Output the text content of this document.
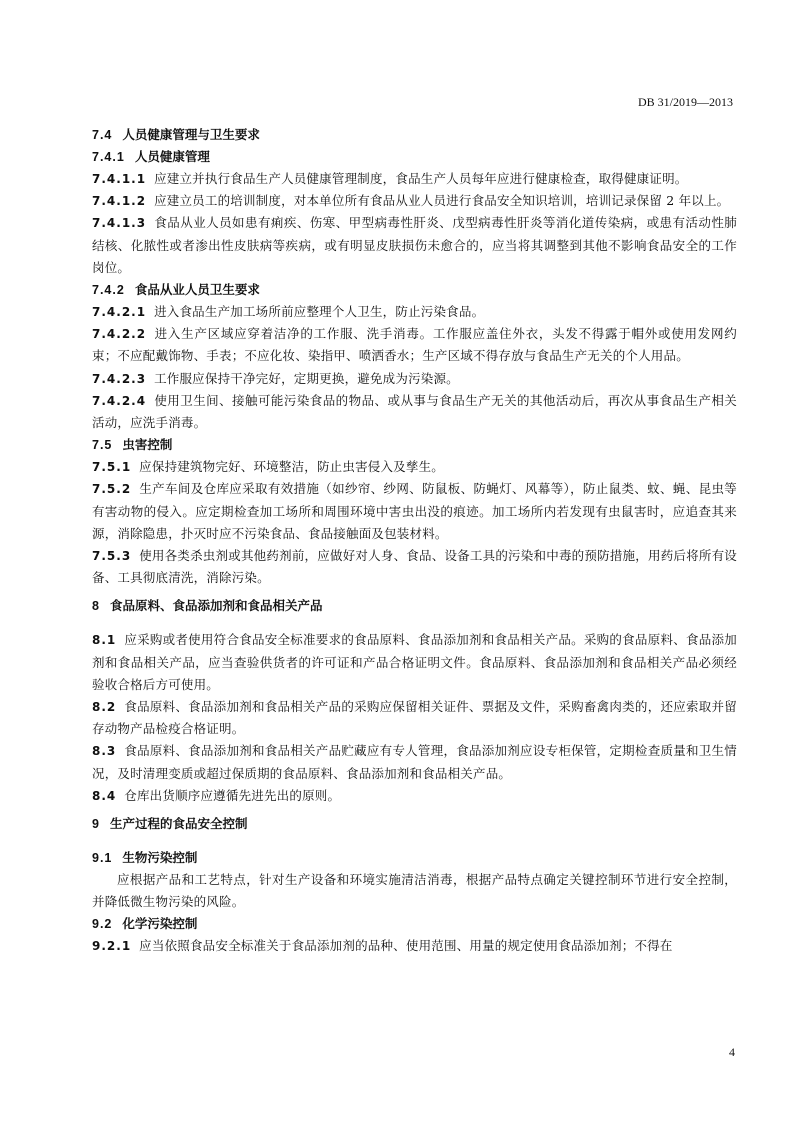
DB 31/2019—2013

7.4 人员健康管理与卫生要求

7.4.1 人员健康管理

7.4.1.1 应建立并执行食品生产人员健康管理制度，食品生产人员每年应进行健康检查，取得健康证明。

7.4.1.2 应建立员工的培训制度，对本单位所有食品从业人员进行食品安全知识培训，培训记录保留 2 年以上。

7.4.1.3 食品从业人员如患有痢疾、伤寒、甲型病毒性肝炎、戊型病毒性肝炎等消化道传染病，或患有活动性肺结核、化脓性或者渗出性皮肤病等疾病，或有明显皮肤损伤未愈合的，应当将其调整到其他不影响食品安全的工作岗位。

7.4.2 食品从业人员卫生要求

7.4.2.1 进入食品生产加工场所前应整理个人卫生，防止污染食品。

7.4.2.2 进入生产区域应穿着洁净的工作服、洗手消毒。工作服应盖住外衣，头发不得露于帽外或使用发网约束；不应配戴饰物、手表；不应化妆、染指甲、喷洒香水；生产区域不得存放与食品生产无关的个人用品。

7.4.2.3 工作服应保持干净完好，定期更换，避免成为污染源。

7.4.2.4 使用卫生间、接触可能污染食品的物品、或从事与食品生产无关的其他活动后，再次从事食品生产相关活动，应洗手消毒。

7.5 虫害控制

7.5.1 应保持建筑物完好、环境整洁，防止虫害侵入及孳生。

7.5.2 生产车间及仓库应采取有效措施（如纱帘、纱网、防鼠板、防蝇灯、风幕等），防止鼠类、蚊、蝇、昆虫等有害动物的侵入。应定期检查加工场所和周围环境中害虫出没的痕迹。加工场所内若发现有虫鼠害时，应追查其来源，消除隐患，扑灭时应不污染食品、食品接触面及包装材料。

7.5.3 使用各类杀虫剂或其他药剂前，应做好对人身、食品、设备工具的污染和中毒的预防措施，用药后将所有设备、工具彻底清洗，消除污染。

8 食品原料、食品添加剂和食品相关产品

8.1 应采购或者使用符合食品安全标准要求的食品原料、食品添加剂和食品相关产品。采购的食品原料、食品添加剂和食品相关产品，应当查验供货者的许可证和产品合格证明文件。食品原料、食品添加剂和食品相关产品必须经验收合格后方可使用。

8.2 食品原料、食品添加剂和食品相关产品的采购应保留相关证件、票据及文件，采购畜禽肉类的，还应索取并留存动物产品检疫合格证明。

8.3 食品原料、食品添加剂和食品相关产品贮藏应有专人管理，食品添加剂应设专柜保管，定期检查质量和卫生情况，及时清理变质或超过保质期的食品原料、食品添加剂和食品相关产品。

8.4 仓库出货顺序应遵循先进先出的原则。

9 生产过程的食品安全控制

9.1 生物污染控制

应根据产品和工艺特点，针对生产设备和环境实施清洁消毒，根据产品特点确定关键控制环节进行安全控制，并降低微生物污染的风险。

9.2 化学污染控制

9.2.1 应当依照食品安全标准关于食品添加剂的品种、使用范围、用量的规定使用食品添加剂；不得在

4
